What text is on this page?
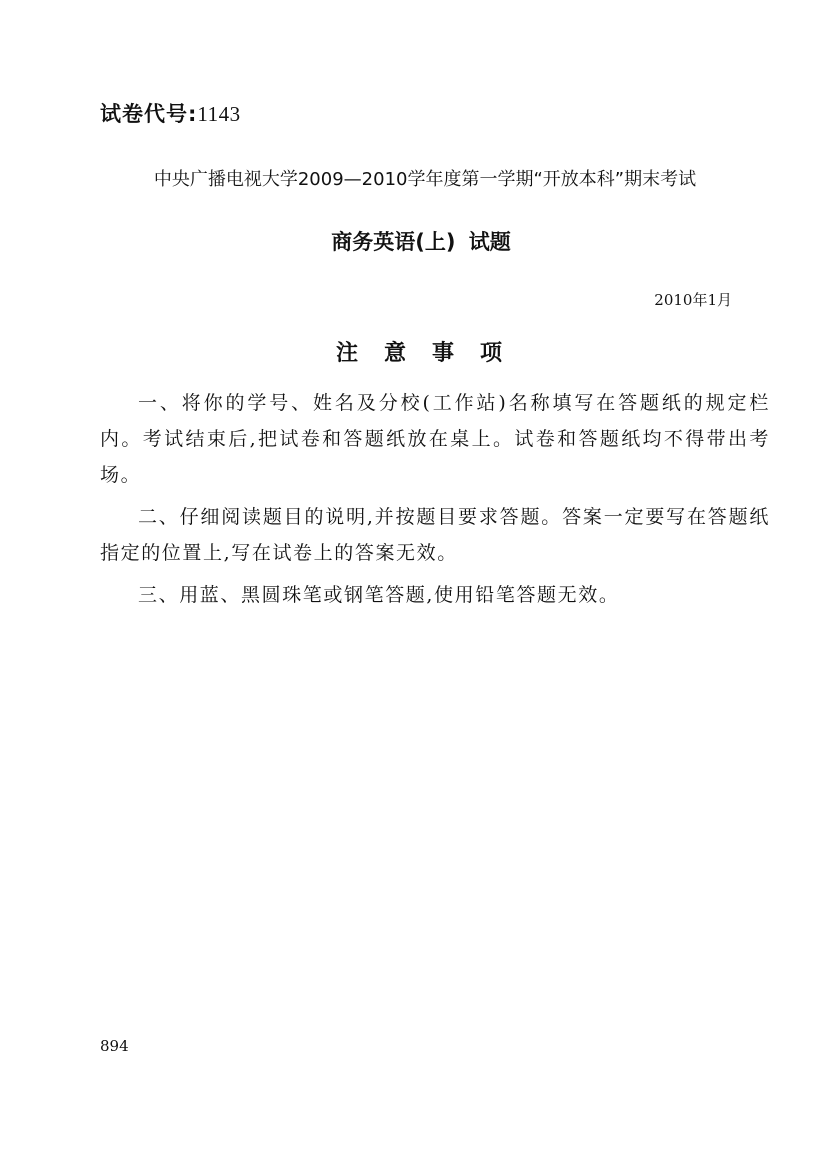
试卷代号:1143
中央广播电视大学2009—2010学年度第一学期“开放本科”期末考试
商务英语(上) 试题
2010年1月
注意事项

一、将你的学号、姓名及分校(工作站)名称填写在答题纸的规定栏内。考试结束后,把试卷和答题纸放在桌上。试卷和答题纸均不得带出考场。

二、仔细阅读题目的说明,并按题目要求答题。答案一定要写在答题纸指定的位置上,写在试卷上的答案无效。

三、用蓝、黑圆珠笔或钢笔答题,使用铅笔答题无效。

894
